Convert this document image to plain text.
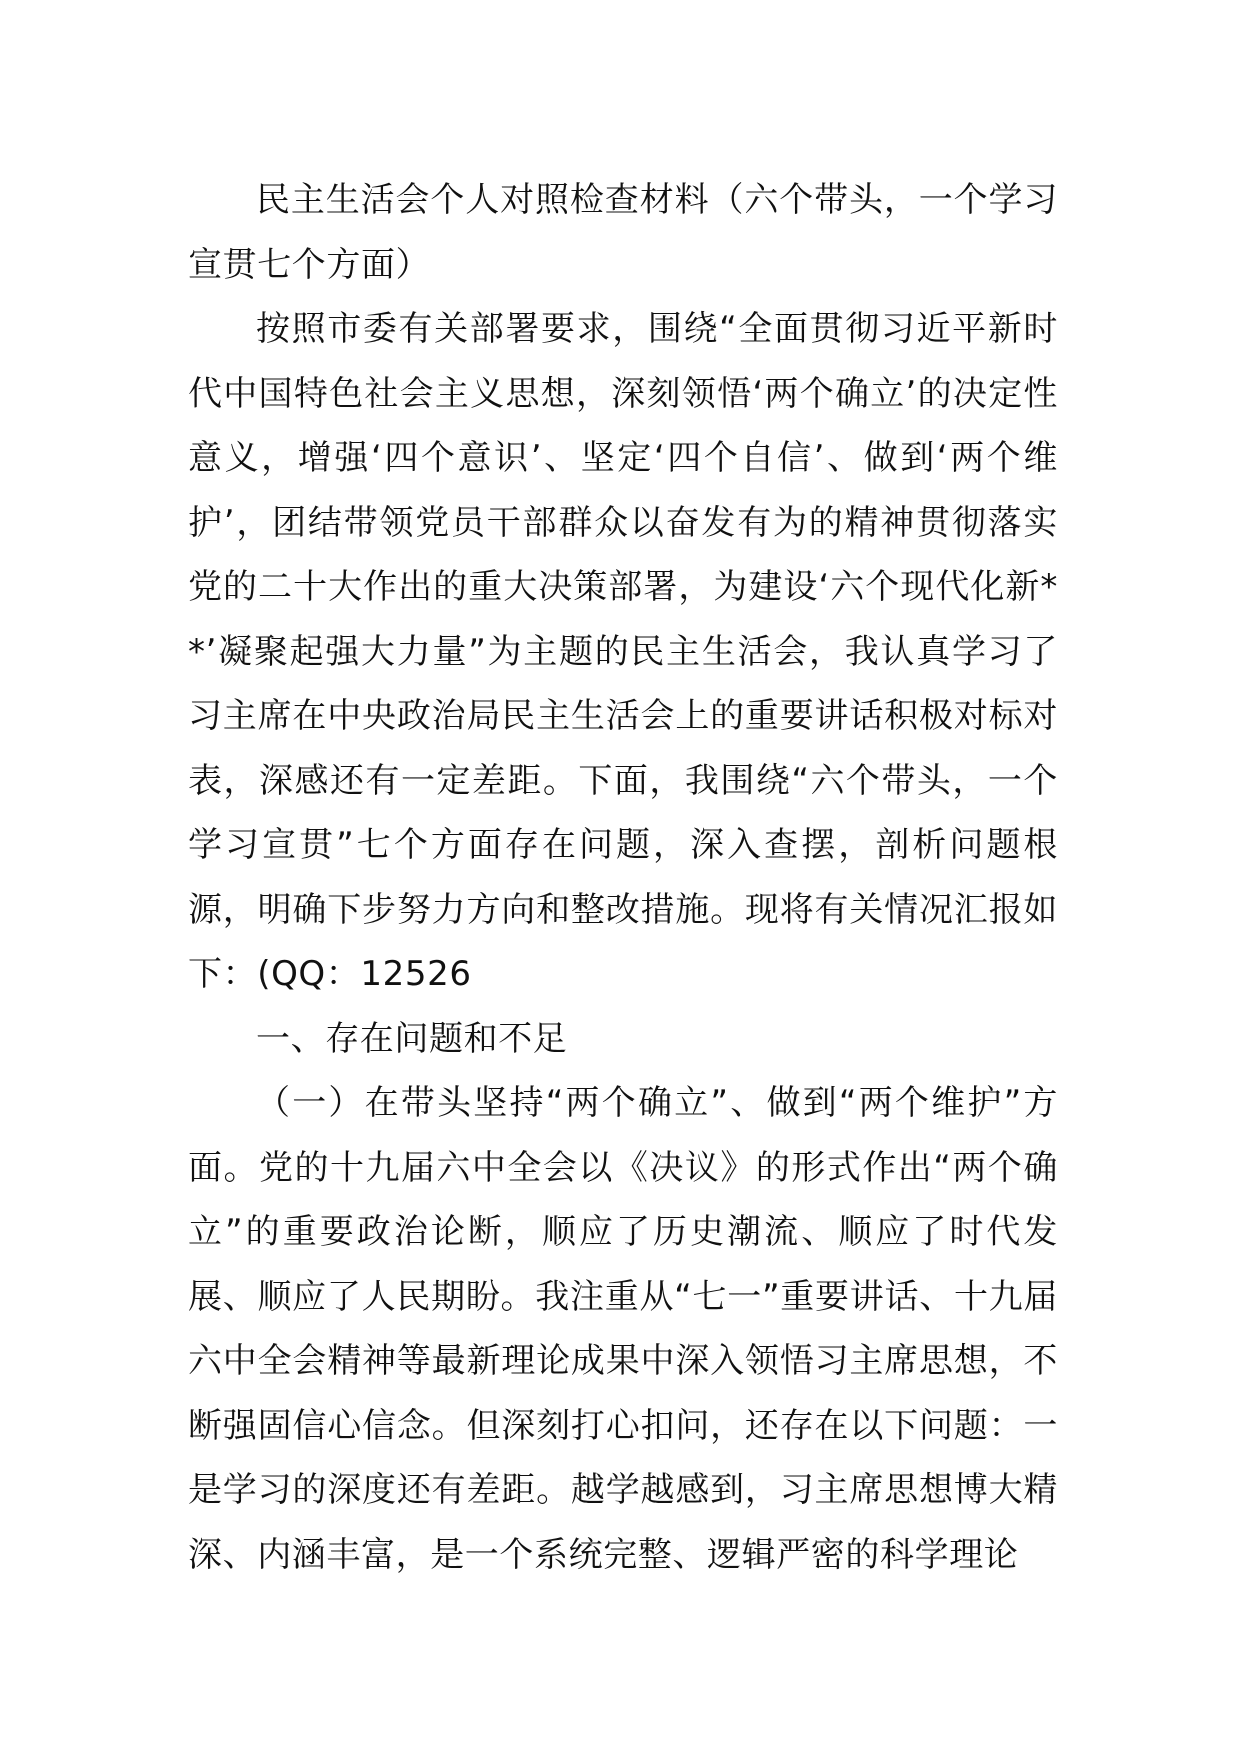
民主生活会个人对照检查材料（六个带头，一个学习宣贯七个方面）

按照市委有关部署要求，围绕“全面贯彻习近平新时代中国特色社会主义思想，深刻领悟‘两个确立’的决定性意义，增强‘四个意识’、坚定‘四个自信’、做到‘两个维护’，团结带领党员干部群众以奋发有为的精神贯彻落实党的二十大作出的重大决策部署，为建设‘六个现代化新**’凝聚起强大力量”为主题的民主生活会，我认真学习了习主席在中央政治局民主生活会上的重要讲话积极对标对表，深感还有一定差距。下面，我围绕“六个带头，一个学习宣贯”七个方面存在问题，深入查摆，剖析问题根源，明确下步努力方向和整改措施。现将有关情况汇报如下：(QQ：12526

一、存在问题和不足

（一）在带头坚持“两个确立”、做到“两个维护”方面。党的十九届六中全会以《决议》的形式作出“两个确立”的重要政治论断，顺应了历史潮流、顺应了时代发展、顺应了人民期盼。我注重从“七一”重要讲话、十九届六中全会精神等最新理论成果中深入领悟习主席思想，不断强固信心信念。但深刻打心扣问，还存在以下问题：一是学习的深度还有差距。越学越感到，习主席思想博大精深、内涵丰富，是一个系统完整、逻辑严密的科学理论
